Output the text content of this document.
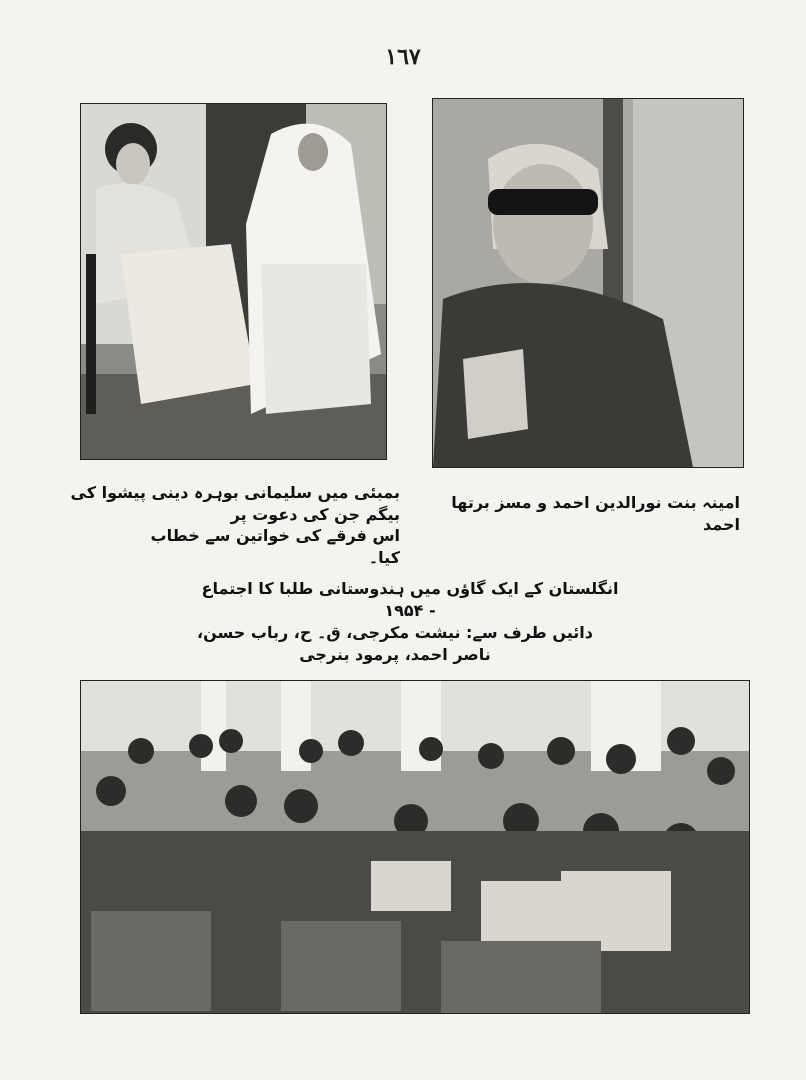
١٦٧
بمبئی میں سلیمانی بوہرہ دینی پیشوا کی بیگم جن کی دعوت پر
اس فرقے کی خواتین سے خطاب کیا۔
امینہ بنت نورالدین احمد و مسز برتھا احمد
انگلستان کے ایک گاؤں میں ہندوستانی طلبا کا اجتماع - ۱۹۵۴
دائیں طرف سے: نیشت مکرجی، ق۔ ح، رباب حسن، ناصر احمد، پرمود بنرجی
